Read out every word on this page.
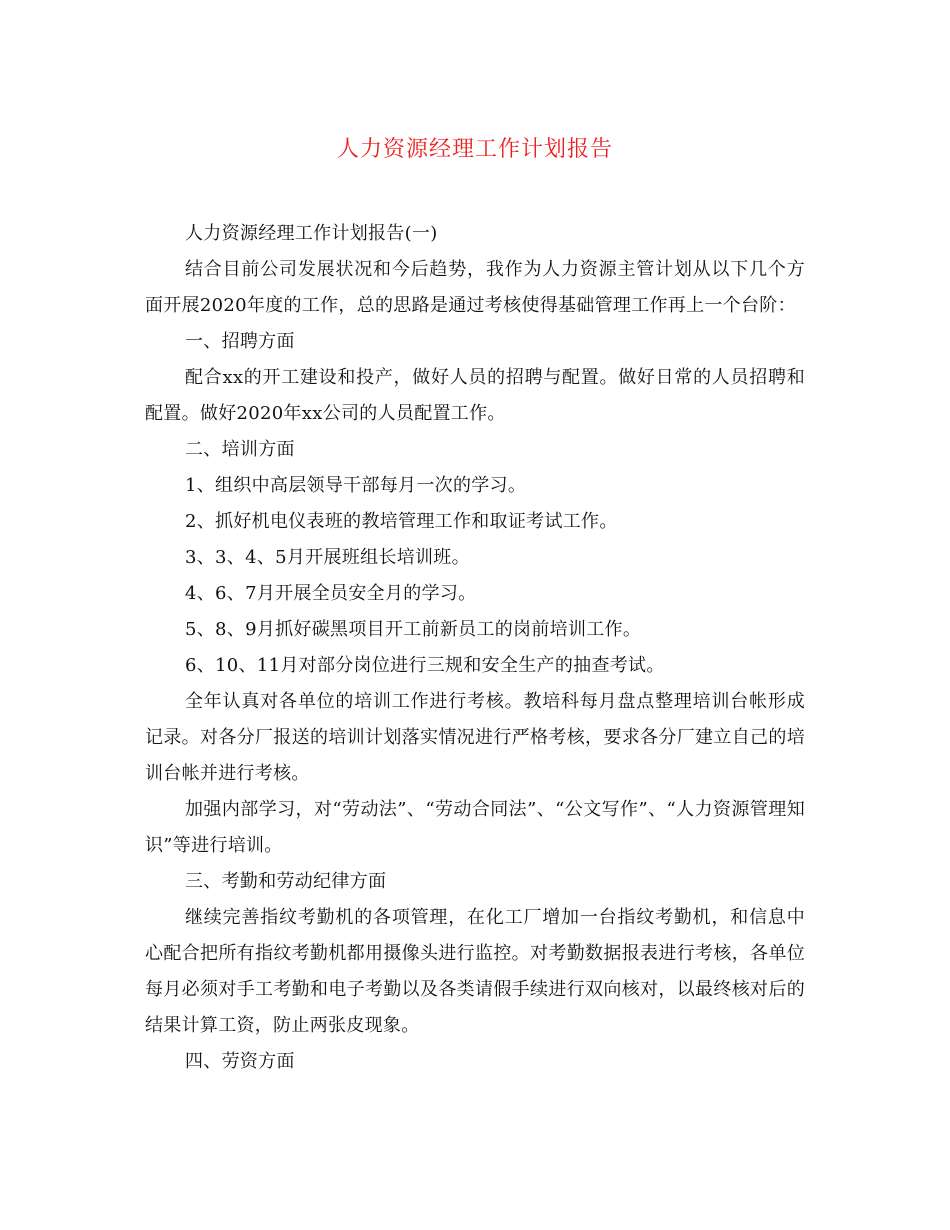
人力资源经理工作计划报告

人力资源经理工作计划报告(一)

结合目前公司发展状况和今后趋势，我作为人力资源主管计划从以下几个方面开展2020年度的工作，总的思路是通过考核使得基础管理工作再上一个台阶：

一、招聘方面

配合xx的开工建设和投产，做好人员的招聘与配置。做好日常的人员招聘和配置。做好2020年xx公司的人员配置工作。

二、培训方面

1、组织中高层领导干部每月一次的学习。

2、抓好机电仪表班的教培管理工作和取证考试工作。

3、3、4、5月开展班组长培训班。

4、6、7月开展全员安全月的学习。

5、8、9月抓好碳黑项目开工前新员工的岗前培训工作。

6、10、11月对部分岗位进行三规和安全生产的抽查考试。

全年认真对各单位的培训工作进行考核。教培科每月盘点整理培训台帐形成记录。对各分厂报送的培训计划落实情况进行严格考核，要求各分厂建立自己的培训台帐并进行考核。

加强内部学习，对“劳动法”、“劳动合同法”、“公文写作”、“人力资源管理知识”等进行培训。

三、考勤和劳动纪律方面

继续完善指纹考勤机的各项管理，在化工厂增加一台指纹考勤机，和信息中心配合把所有指纹考勤机都用摄像头进行监控。对考勤数据报表进行考核，各单位每月必须对手工考勤和电子考勤以及各类请假手续进行双向核对，以最终核对后的结果计算工资，防止两张皮现象。

四、劳资方面
